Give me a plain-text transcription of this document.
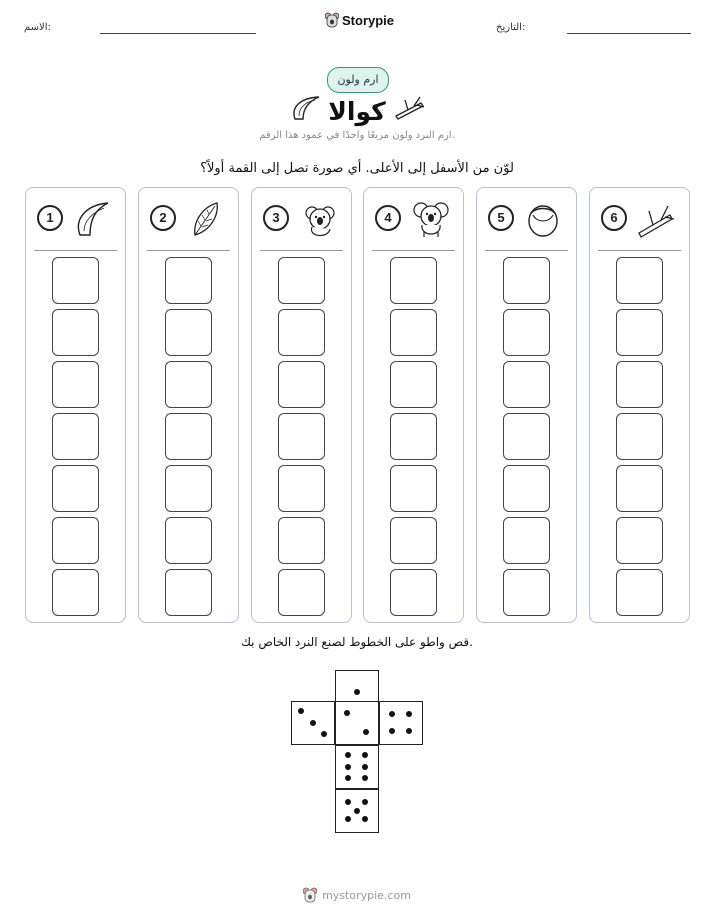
الاسم:	Storypie	التاريخ:
ارم ولون
كوالا
ارم النرد ولون مربعًا واحدًا في عمود هذا الرقم.
لوّن من الأسفل إلى الأعلى. أي صورة تصل إلى القمة أولاً؟
1	2	3	4	5	6
قص واطو على الخطوط لصنع النرد الخاص بك.
mystorypie.com
